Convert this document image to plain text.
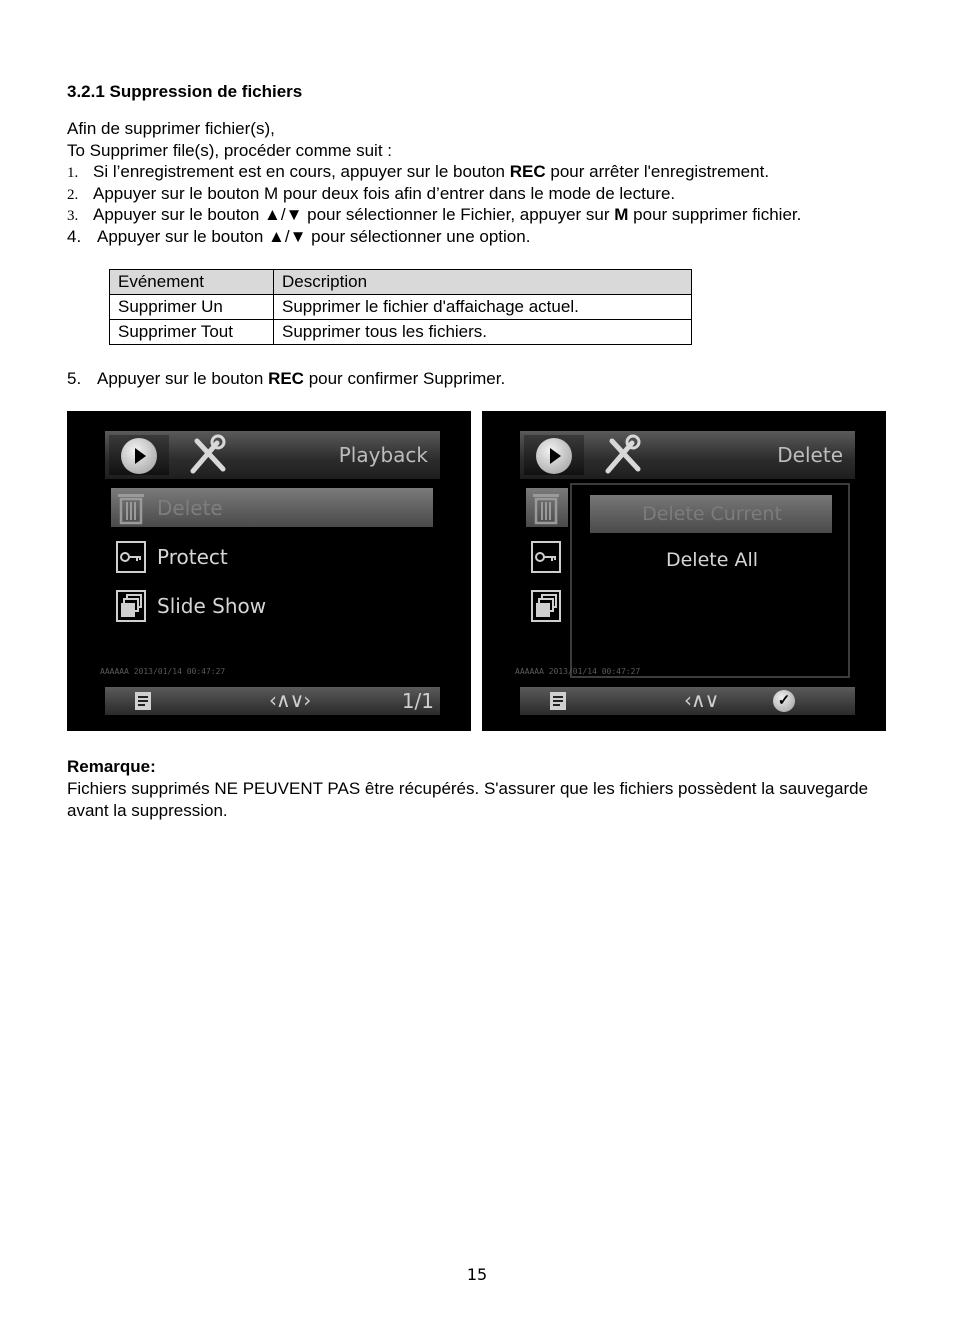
3.2.1 Suppression de fichiers
Afin de supprimer fichier(s),
To Supprimer file(s), procéder comme suit :
1. Si l’enregistrement est en cours, appuyer sur le bouton REC pour arrêter l'enregistrement.
2. Appuyer sur le bouton M pour deux fois afin d’entrer dans le mode de lecture.
3. Appuyer sur le bouton ▲/▼ pour sélectionner le Fichier, appuyer sur M pour supprimer fichier.
4. Appuyer sur le bouton ▲/▼ pour sélectionner une option.
Evénement	Description
Supprimer Un	Supprimer le fichier d'affaichage actuel.
Supprimer Tout	Supprimer tous les fichiers.
5. Appuyer sur le bouton REC pour confirmer Supprimer.
Playback
Delete
Protect
Slide Show
AAAAAA 2013/01/14 00:47:27
‹∧∨›	1/1
Delete
Delete Current
Delete All
AAAAAA 2013/01/14 00:47:27
‹∧∨	✓
Remarque:
Fichiers supprimés NE PEUVENT PAS être récupérés. S'assurer que les fichiers possèdent la sauvegarde avant la suppression.
15
